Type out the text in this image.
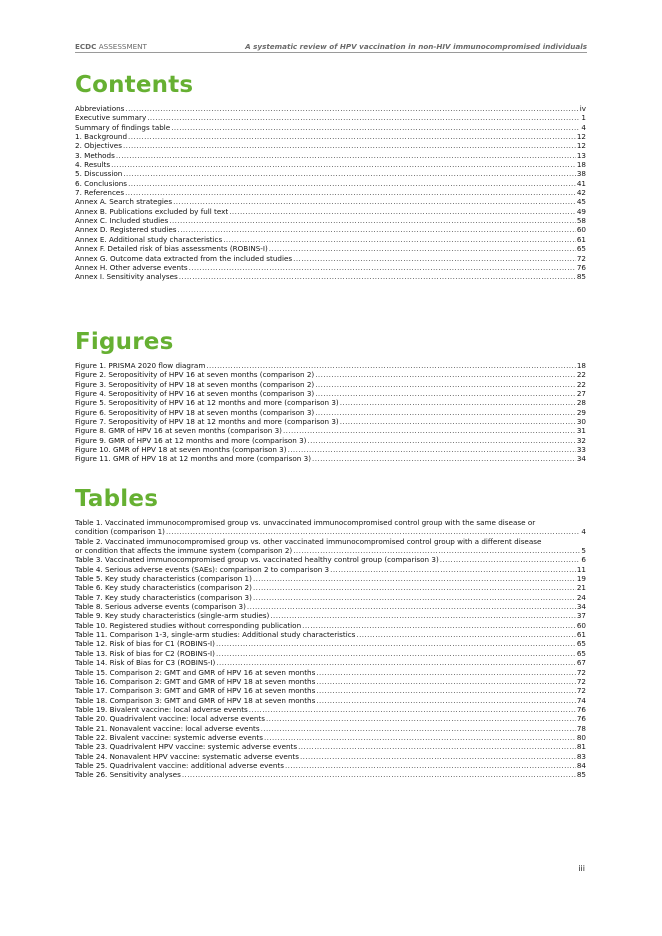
ECDC ASSESSMENT	A systematic review of HPV vaccination in non-HIV immunocompromised individuals
Contents
Abbreviations .....	iv
Executive summary .....	1
Summary of findings table .....	4
1. Background .....	12
2. Objectives .....	12
3. Methods .....	13
4. Results .....	18
5. Discussion .....	38
6. Conclusions .....	41
7. References .....	42
Annex A. Search strategies .....	45
Annex B. Publications excluded by full text .....	49
Annex C. Included studies .....	58
Annex D. Registered studies .....	60
Annex E. Additional study characteristics .....	61
Annex F. Detailed risk of bias assessments (ROBINS-I) .....	65
Annex G. Outcome data extracted from the included studies .....	72
Annex H. Other adverse events .....	76
Annex I. Sensitivity analyses .....	85
Figures
Figure 1. PRISMA 2020 flow diagram .....	18
Figure 2. Seropositivity of HPV 16 at seven months (comparison 2) .....	22
Figure 3. Seropositivity of HPV 18 at seven months (comparison 2) .....	22
Figure 4. Seropositivity of HPV 16 at seven months (comparison 3) .....	27
Figure 5. Seropositivity of HPV 16 at 12 months and more (comparison 3) .....	28
Figure 6. Seropositivity of HPV 18 at seven months (comparison 3) .....	29
Figure 7. Seropositivity of HPV 18 at 12 months and more (comparison 3) .....	30
Figure 8. GMR of HPV 16 at seven months (comparison 3) .....	31
Figure 9. GMR of HPV 16 at 12 months and more (comparison 3) .....	32
Figure 10. GMR of HPV 18 at seven months (comparison 3) .....	33
Figure 11. GMR of HPV 18 at 12 months and more (comparison 3) .....	34
Tables
Table 1. Vaccinated immunocompromised group vs. unvaccinated immunocompromised control group with the same disease or
condition (comparison 1) .....	4
Table 2. Vaccinated immunocompromised group vs. other vaccinated immunocompromised control group with a different disease
or condition that affects the immune system (comparison 2) .....	5
Table 3. Vaccinated immunocompromised group vs. vaccinated healthy control group (comparison 3) .....	6
Table 4. Serious adverse events (SAEs): comparison 2 to comparison 3 .....	11
Table 5. Key study characteristics (comparison 1) .....	19
Table 6. Key study characteristics (comparison 2) .....	21
Table 7. Key study characteristics (comparison 3) .....	24
Table 8. Serious adverse events (comparison 3) .....	34
Table 9. Key study characteristics (single-arm studies) .....	37
Table 10. Registered studies without corresponding publication .....	60
Table 11. Comparison 1-3, single-arm studies: Additional study characteristics .....	61
Table 12. Risk of bias for C1 (ROBINS-I) .....	65
Table 13. Risk of bias for C2 (ROBINS-I) .....	65
Table 14. Risk of Bias for C3 (ROBINS-I) .....	67
Table 15. Comparison 2: GMT and GMR of HPV 16 at seven months .....	72
Table 16. Comparison 2: GMT and GMR of HPV 18 at seven months .....	72
Table 17. Comparison 3: GMT and GMR of HPV 16 at seven months .....	72
Table 18. Comparison 3: GMT and GMR of HPV 18 at seven months .....	74
Table 19. Bivalent vaccine: local adverse events .....	76
Table 20. Quadrivalent vaccine: local adverse events .....	76
Table 21. Nonavalent vaccine: local adverse events .....	78
Table 22. Bivalent vaccine: systemic adverse events .....	80
Table 23. Quadrivalent HPV vaccine: systemic adverse events .....	81
Table 24. Nonavalent HPV vaccine: systematic adverse events .....	83
Table 25. Quadrivalent vaccine: additional adverse events .....	84
Table 26. Sensitivity analyses .....	85
iii
